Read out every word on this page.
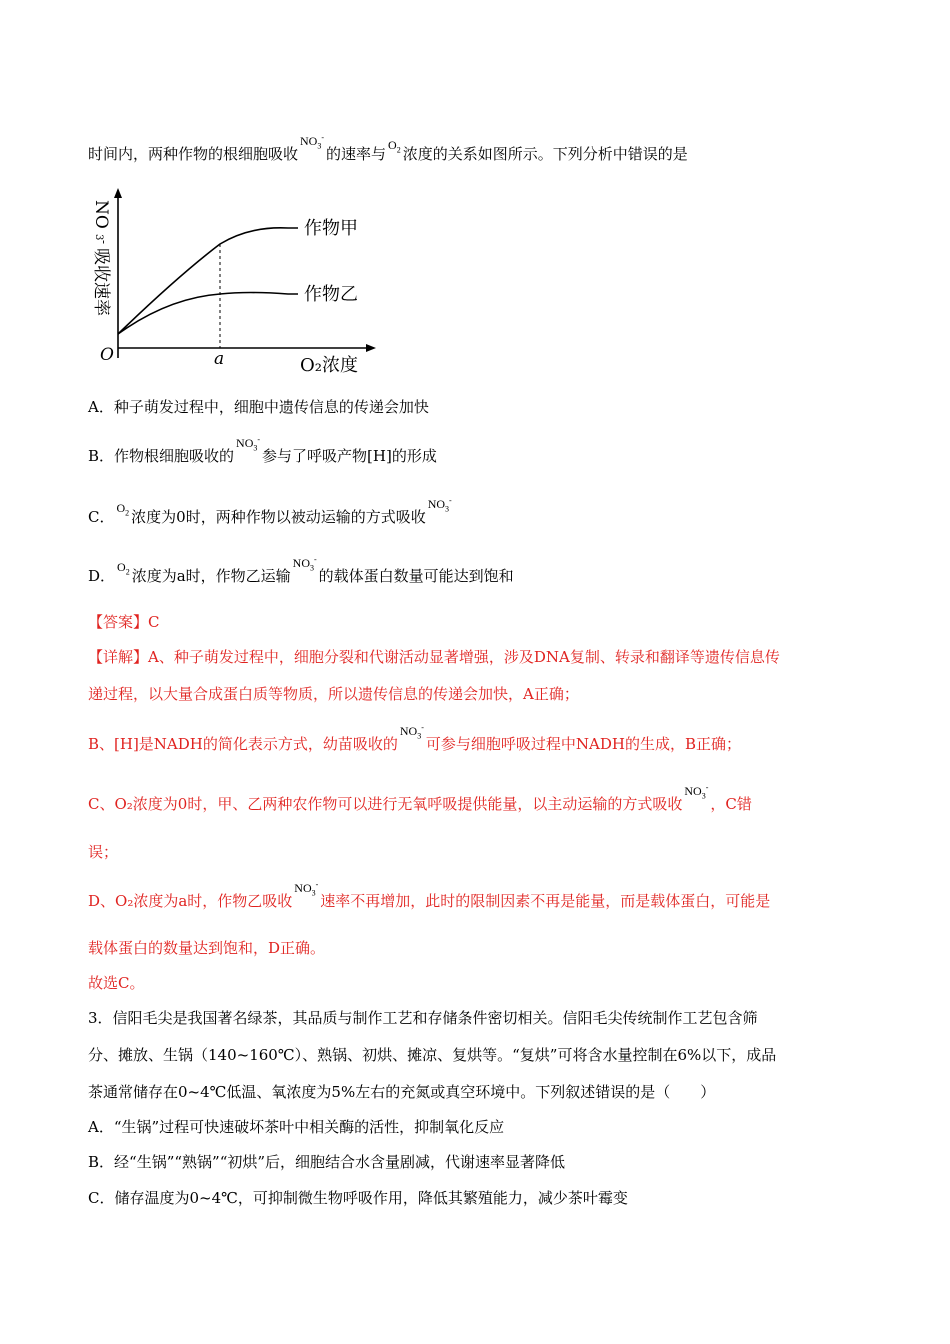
时间内，两种作物的根细胞吸收$NO_3^-$的速率与 $O_2$ 浓度的关系如图所示。下列分析中错误的是
作物甲
作物乙
O	a	O₂浓度
NO
3
-
吸收速率
A．种子萌发过程中，细胞中遗传信息的传递会加快
B．作物根细胞吸收的$NO_3^-$参与了呼吸产物[H]的形成
C． $O_2$ 浓度为0时，两种作物以被动运输的方式吸收$NO_3^-$
D． $O_2$ 浓度为a时，作物乙运输$NO_3^-$的载体蛋白数量可能达到饱和
【答案】C
【详解】A、种子萌发过程中，细胞分裂和代谢活动显著增强，涉及DNA复制、转录和翻译等遗传信息传
递过程，以大量合成蛋白质等物质，所以遗传信息的传递会加快，A正确；
B、[H]是NADH的简化表示方式，幼苗吸收的$NO_3^-$可参与细胞呼吸过程中NADH的生成，B正确；
C、O₂浓度为0时，甲、乙两种农作物可以进行无氧呼吸提供能量，以主动运输的方式吸收$NO_3^-$，C错
误；
D、O₂浓度为a时，作物乙吸收$NO_3^-$速率不再增加，此时的限制因素不再是能量，而是载体蛋白，可能是
载体蛋白的数量达到饱和，D正确。
故选C。
3．信阳毛尖是我国著名绿茶，其品质与制作工艺和存储条件密切相关。信阳毛尖传统制作工艺包含筛
分、摊放、生锅（140~160℃）、熟锅、初烘、摊凉、复烘等。“复烘”可将含水量控制在6%以下，成品
茶通常储存在0~4℃低温、氧浓度为5%左右的充氮或真空环境中。下列叙述错误的是（　　）
A．“生锅”过程可快速破坏茶叶中相关酶的活性，抑制氧化反应
B．经“生锅”“熟锅”“初烘”后，细胞结合水含量剧减，代谢速率显著降低
C．储存温度为0~4℃，可抑制微生物呼吸作用，降低其繁殖能力，减少茶叶霉变
